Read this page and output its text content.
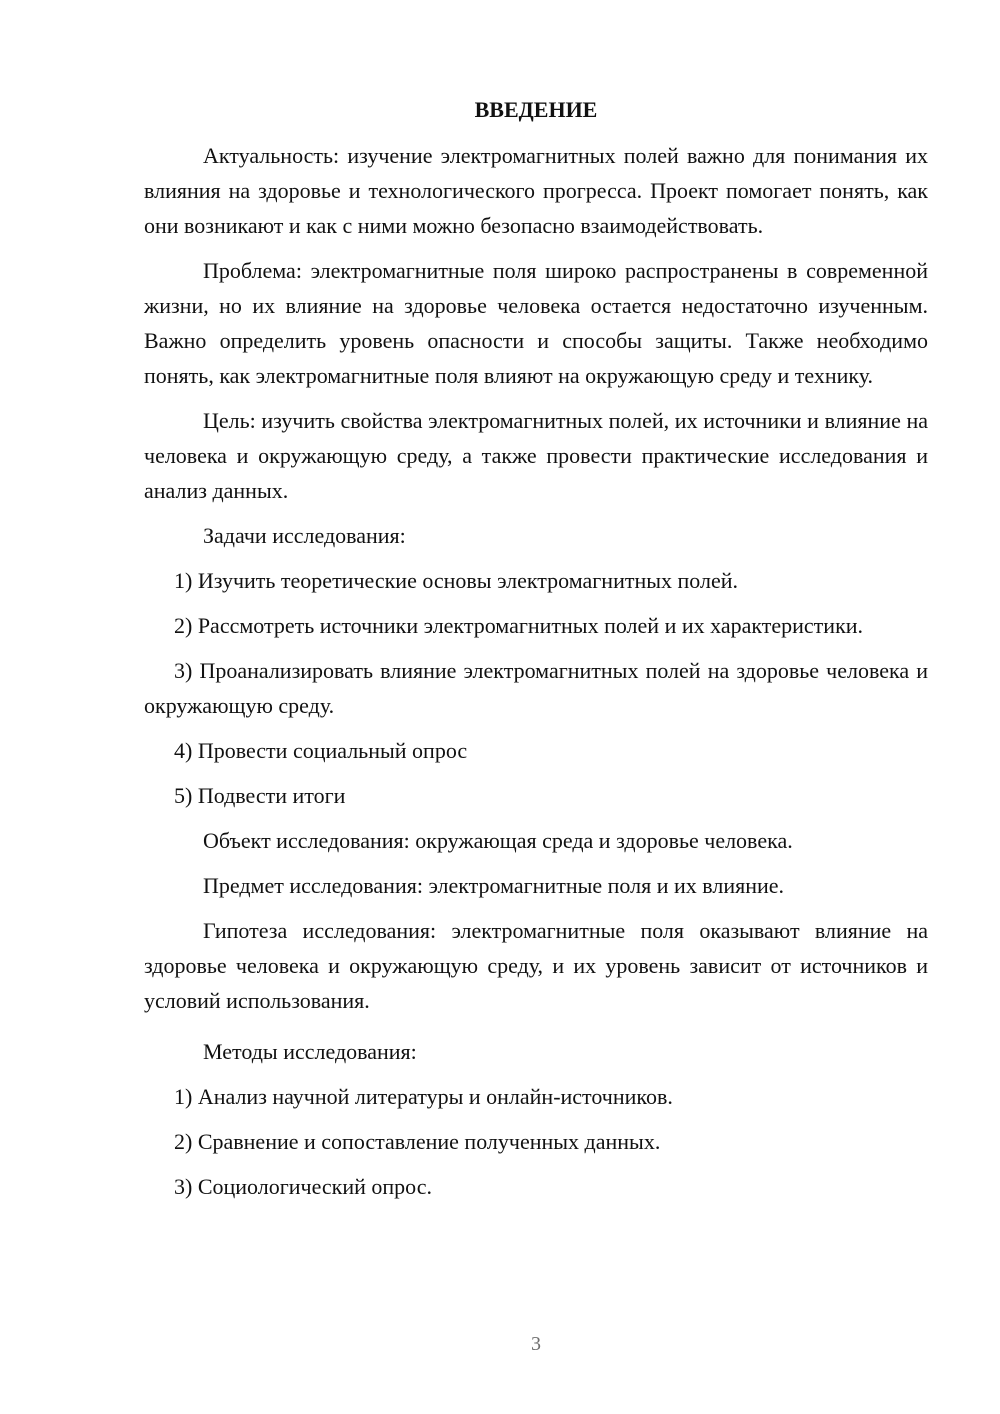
ВВЕДЕНИЕ

Актуальность: изучение электромагнитных полей важно для понимания их влияния на здоровье и технологического прогресса. Проект помогает понять, как они возникают и как с ними можно безопасно взаимодействовать.

Проблема: электромагнитные поля широко распространены в современной жизни, но их влияние на здоровье человека остается недостаточно изученным. Важно определить уровень опасности и способы защиты. Также необходимо понять, как электромагнитные поля влияют на окружающую среду и технику.

Цель: изучить свойства электромагнитных полей, их источники и влияние на человека и окружающую среду, а также провести практические исследования и анализ данных.

Задачи исследования:

1) Изучить теоретические основы электромагнитных полей.

2) Рассмотреть источники электромагнитных полей и их характеристики.

3) Проанализировать влияние электромагнитных полей на здоровье человека и окружающую среду.

4) Провести социальный опрос

5) Подвести итоги

Объект исследования: окружающая среда и здоровье человека.

Предмет исследования: электромагнитные поля и их влияние.

Гипотеза исследования: электромагнитные поля оказывают влияние на здоровье человека и окружающую среду, и их уровень зависит от источников и условий использования.

Методы исследования:

1) Анализ научной литературы и онлайн-источников.

2) Сравнение и сопоставление полученных данных.

3) Социологический опрос.

3
